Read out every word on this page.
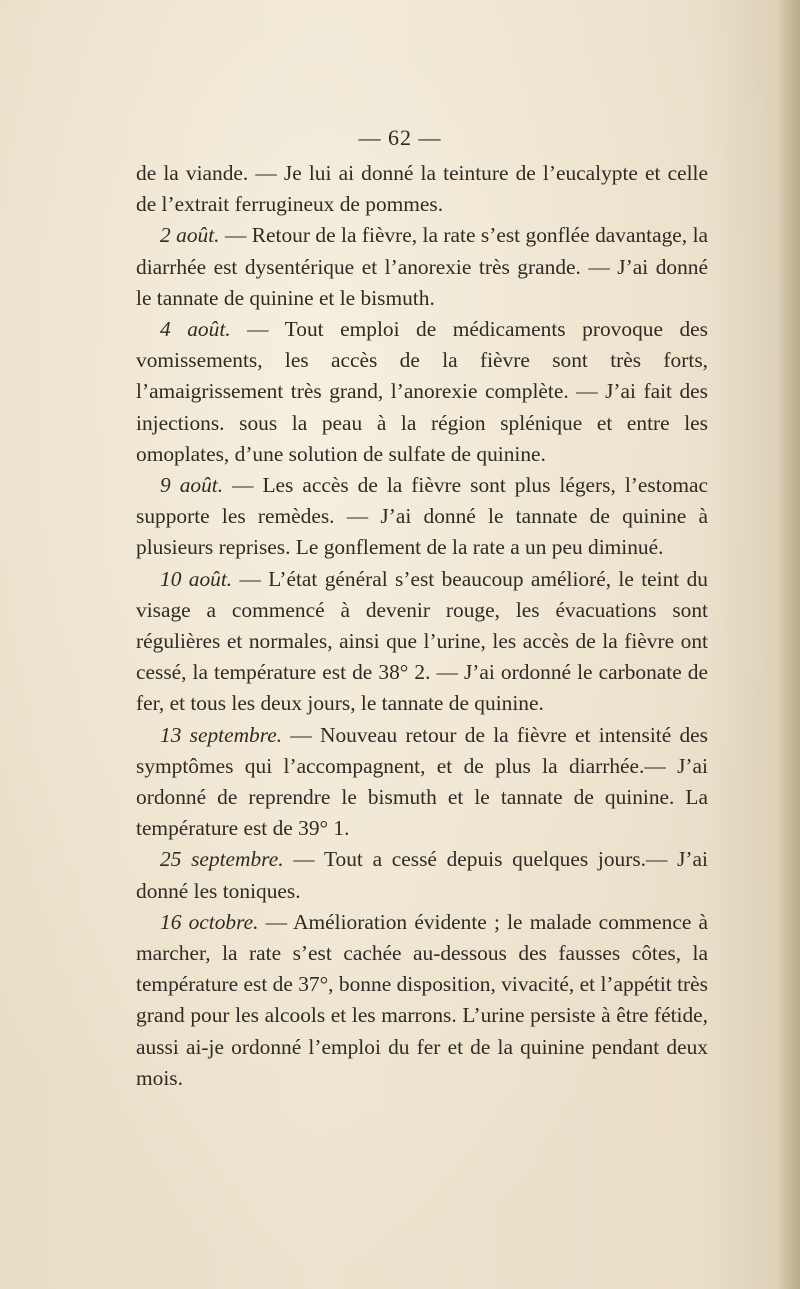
— 62 —

de la viande. — Je lui ai donné la teinture de l’eucalypte et celle de l’extrait ferrugineux de pommes.

2 août. — Retour de la fièvre, la rate s’est gonflée davantage, la diarrhée est dysentérique et l’anorexie très grande. — J’ai donné le tannate de quinine et le bismuth.

4 août. — Tout emploi de médicaments provoque des vomissements, les accès de la fièvre sont très forts, l’amaigrissement très grand, l’anorexie complète. — J’ai fait des injections. sous la peau à la région splénique et entre les omoplates, d’une solution de sulfate de quinine.

9 août. — Les accès de la fièvre sont plus légers, l’estomac supporte les remèdes. — J’ai donné le tannate de quinine à plusieurs reprises. Le gonflement de la rate a un peu diminué.

10 août. — L’état général s’est beaucoup amélioré, le teint du visage a commencé à devenir rouge, les évacuations sont régulières et normales, ainsi que l’urine, les accès de la fièvre ont cessé, la température est de 38° 2. — J’ai ordonné le carbonate de fer, et tous les deux jours, le tannate de quinine.

13 septembre. — Nouveau retour de la fièvre et intensité des symptômes qui l’accompagnent, et de plus la diarrhée.— J’ai ordonné de reprendre le bismuth et le tannate de quinine. La température est de 39° 1.

25 septembre. — Tout a cessé depuis quelques jours.— J’ai donné les toniques.

16 octobre. — Amélioration évidente ; le malade commence à marcher, la rate s’est cachée au-dessous des fausses côtes, la température est de 37°, bonne disposition, vivacité, et l’appétit très grand pour les alcools et les marrons. L’urine persiste à être fétide, aussi ai-je ordonné l’emploi du fer et de la quinine pendant deux mois.
